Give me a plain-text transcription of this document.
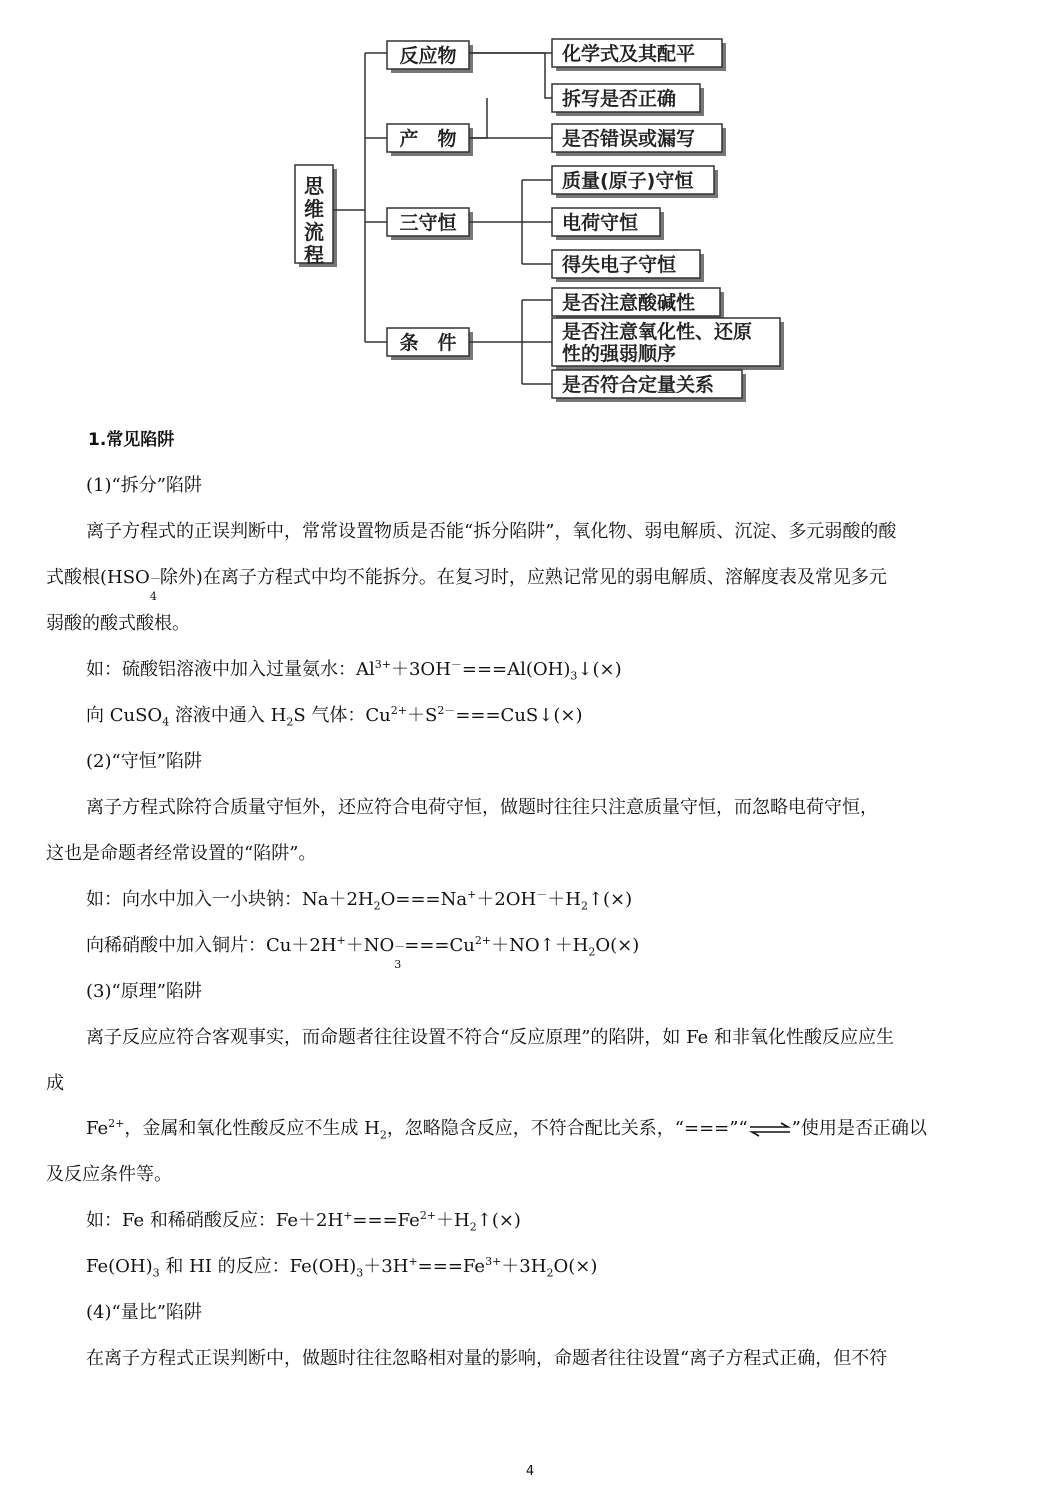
思
维
流
程
反应物
产　物
三守恒
条　件
化学式及其配平
拆写是否正确
是否错误或漏写
质量(原子)守恒
电荷守恒
得失电子守恒
是否注意酸碱性
是否注意氧化性、还原
性的强弱顺序
是否符合定量关系
1.常见陷阱
(1)“拆分”陷阱
离子方程式的正误判断中，常常设置物质是否能“拆分陷阱”，氧化物、弱电解质、沉淀、多元弱酸的酸
式酸根(HSO －
4
除外)在离子方程式中均不能拆分。在复习时，应熟记常见的弱电解质、溶解度表及常见多元
弱酸的酸式酸根。
如：硫酸铝溶液中加入过量氨水：$Al^{3+}+3OH^-===Al(OH)_3↓(\times)$
向 CuSO$_4$ 溶液中通入 $H_2S$ 气体：$Cu^{2+}+S^{2-}===CuS↓(\times)$
(2)“守恒”陷阱
离子方程式除符合质量守恒外，还应符合电荷守恒，做题时往往只注意质量守恒，而忽略电荷守恒，
这也是命题者经常设置的“陷阱”。
如：向水中加入一小块钠：$Na+2H_2O===Na^++2OH^-+H_2↑(\times)$
向稀硝酸中加入铜片：Cu＋2H+＋NO －
3
$===Cu^{2+}+NO↑+H_2O(\times)$
(3)“原理”陷阱
离子反应应符合客观事实，而命题者往往设置不符合“反应原理”的陷阱，如 Fe 和非氧化性酸反应应生
成
$Fe^{2+}$，金属和氧化性酸反应不生成 $H_2$，忽略隐含反应，不符合配比关系，“===”“⇌”使用是否正确以
及反应条件等。
如：Fe 和稀硝酸反应：$Fe+2H^+===Fe^{2+}+H_2↑(\times)$
$Fe(OH)_3$ 和 HI 的反应：$Fe(OH)_3+3H^+===Fe^{3+}+3H_2O(\times)$
(4)“量比”陷阱
在离子方程式正误判断中，做题时往往忽略相对量的影响，命题者往往设置“离子方程式正确，但不符
4
